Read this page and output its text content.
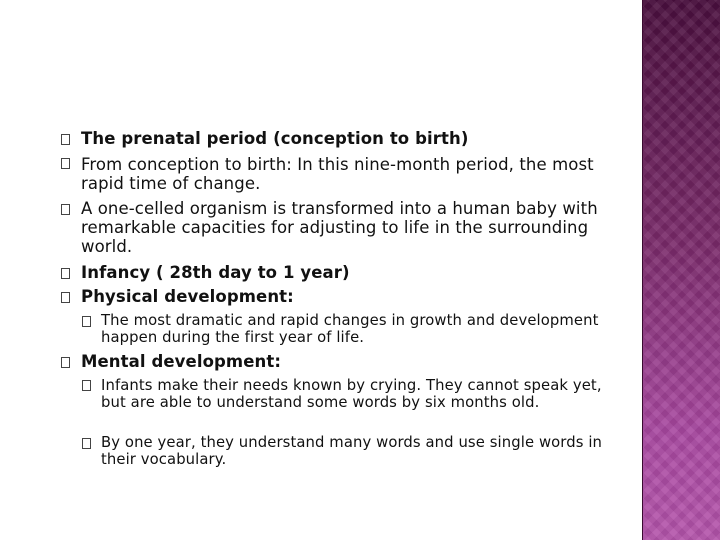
The prenatal period (conception to birth)
From conception to birth: In this nine-month period, the most rapid time of change.
A one-celled organism is transformed into a human baby with remarkable capacities for adjusting to life in the surrounding world.
Infancy ( 28th day to 1 year)
Physical development:
The most dramatic and rapid changes in growth and development happen during the first year of life.
Mental development:
Infants make their needs known by crying. They cannot speak yet, but are able to understand some words by six months old.
By one year, they understand many words and use single words in their vocabulary.
